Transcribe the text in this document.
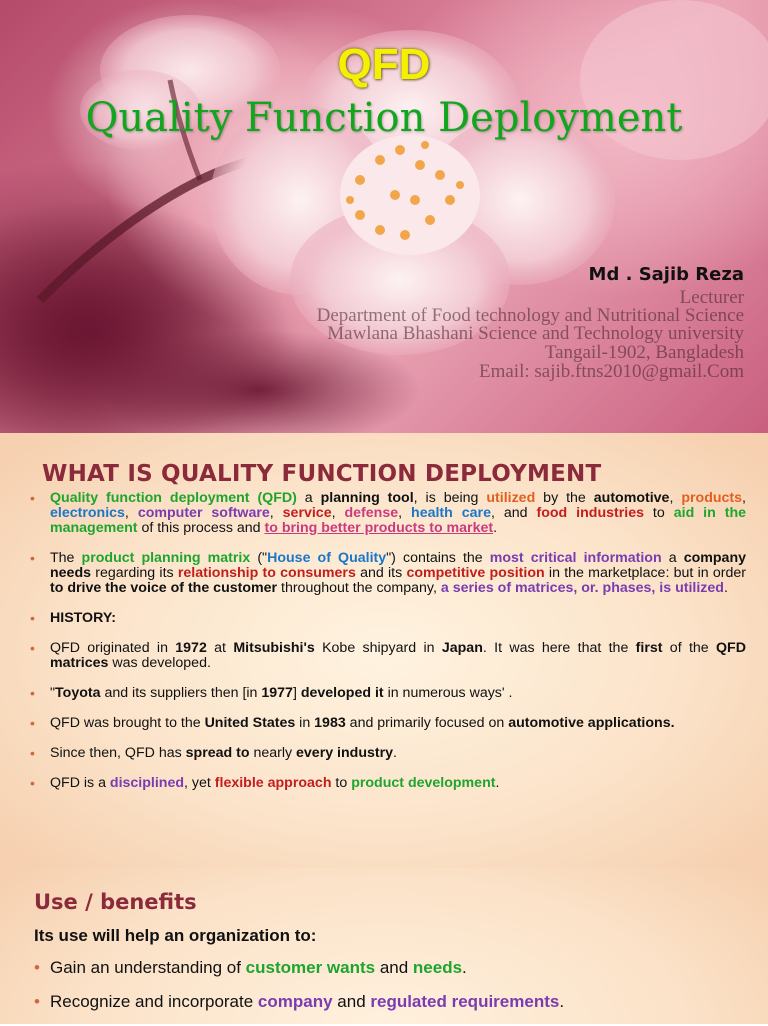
QFD
Quality Function Deployment
Md . Sajib Reza
Lecturer
Department of Food technology and Nutritional Science
Mawlana Bhashani Science and Technology university
Tangail-1902, Bangladesh
Email: sajib.ftns2010@gmail.Com
WHAT IS QUALITY FUNCTION DEPLOYMENT
• Quality function deployment (QFD) a planning tool, is being utilized by the automotive, products, electronics, computer software, service, defense, health care, and food industries to aid in the management of this process and to bring better products to market.
• The product planning matrix ("House of Quality") contains the most critical information a company needs regarding its relationship to consumers and its competitive position in the marketplace: but in order to drive the voice of the customer throughout the company, a series of matrices, or. phases, is utilized.
• HISTORY:
• QFD originated in 1972 at Mitsubishi's Kobe shipyard in Japan. It was here that the first of the QFD matrices was developed.
• "Toyota and its suppliers then [in 1977] developed it in numerous ways' .
• QFD was brought to the United States in 1983 and primarily focused on automotive applications.
• Since then, QFD has spread to nearly every industry.
• QFD is a disciplined, yet flexible approach to product development.
Use / benefits
Its use will help an organization to:
• Gain an understanding of customer wants and needs.
• Recognize and incorporate company and regulated requirements.
